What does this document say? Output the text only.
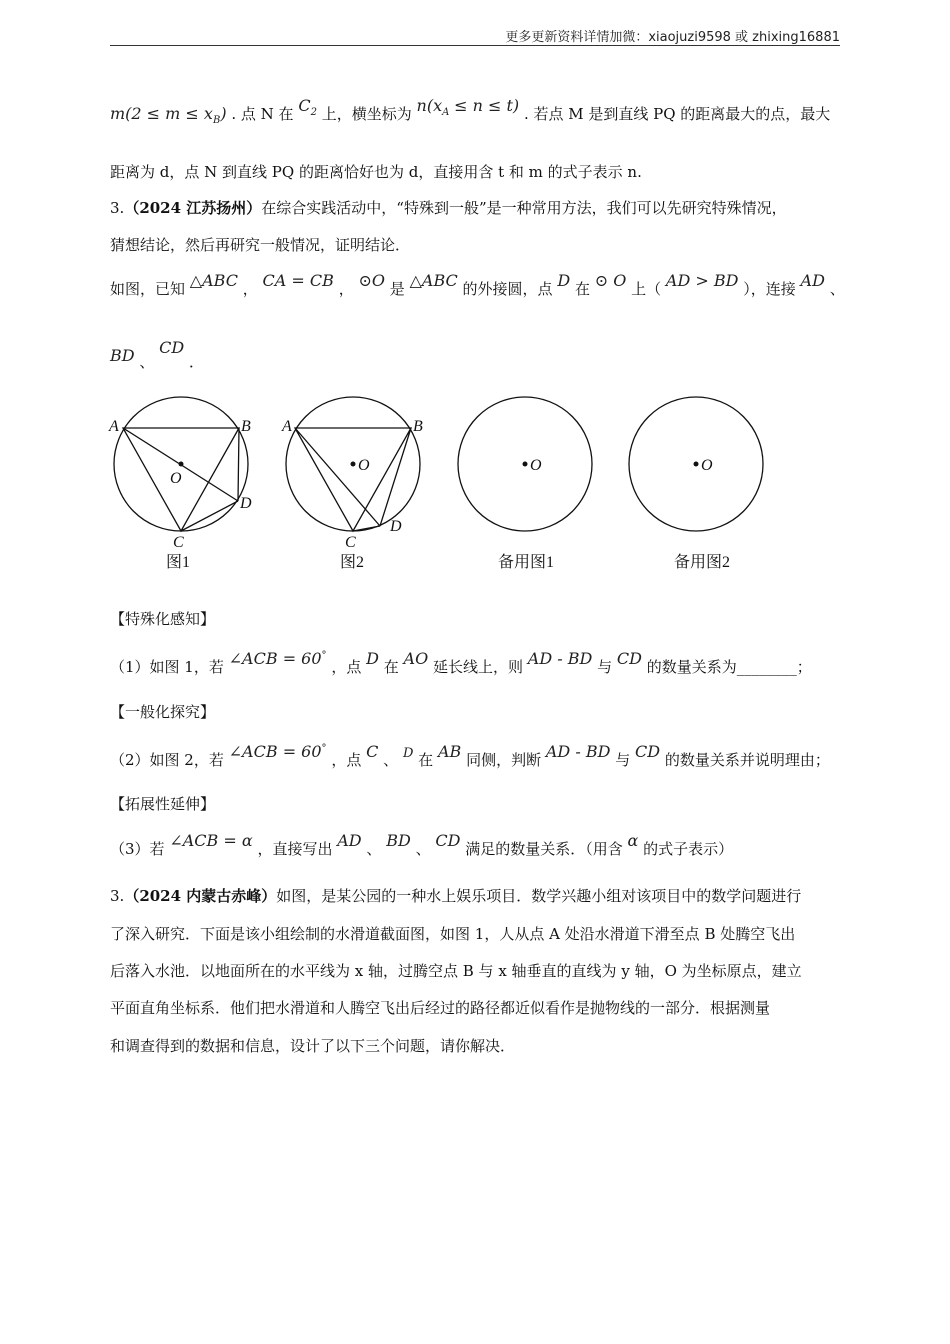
更多更新资料详情加微：xiaojuzi9598 或 zhixing16881
$m(2 \le m \le x_B)$ . 点 N 在 $C_2$ 上，横坐标为 $n(x_A \le n \le t)$ . 若点 M 是到直线 PQ 的距离最大的点，最大
距离为 d，点 N 到直线 PQ 的距离恰好也为 d，直接用含 t 和 m 的式子表示 n.
3.（2024 江苏扬州）在综合实践活动中，“特殊到一般”是一种常用方法，我们可以先研究特殊情况，
猜想结论，然后再研究一般情况，证明结论．
如图，已知 △ABC ， CA = CB ， ⊙O 是 △ABC 的外接圆，点 D 在 ⊙ O 上（ AD > BD ），连接 AD 、
BD 、 CD ．
A	B
O
D
C
A	B
O
D
C
O	O
图1	图2	备用图1	备用图2
【特殊化感知】
（1）如图 1，若 ∠ACB = 60° ，点 D 在 AO 延长线上，则 AD - BD 与 CD 的数量关系为________；
【一般化探究】
（2）如图 2，若 ∠ACB = 60° ，点 C 、 D 在 AB 同侧，判断 AD - BD 与 CD 的数量关系并说明理由；
【拓展性延伸】
（3）若 ∠ACB = α ，直接写出 AD 、 BD 、 CD 满足的数量关系．（用含 α 的式子表示）
3.（2024 内蒙古赤峰）如图，是某公园的一种水上娱乐项目．数学兴趣小组对该项目中的数学问题进行
了深入研究．下面是该小组绘制的水滑道截面图，如图 1，人从点 A 处沿水滑道下滑至点 B 处腾空飞出
后落入水池．以地面所在的水平线为 x 轴，过腾空点 B 与 x 轴垂直的直线为 y 轴，O 为坐标原点，建立
平面直角坐标系．他们把水滑道和人腾空飞出后经过的路径都近似看作是抛物线的一部分．根据测量
和调查得到的数据和信息，设计了以下三个问题，请你解决．
